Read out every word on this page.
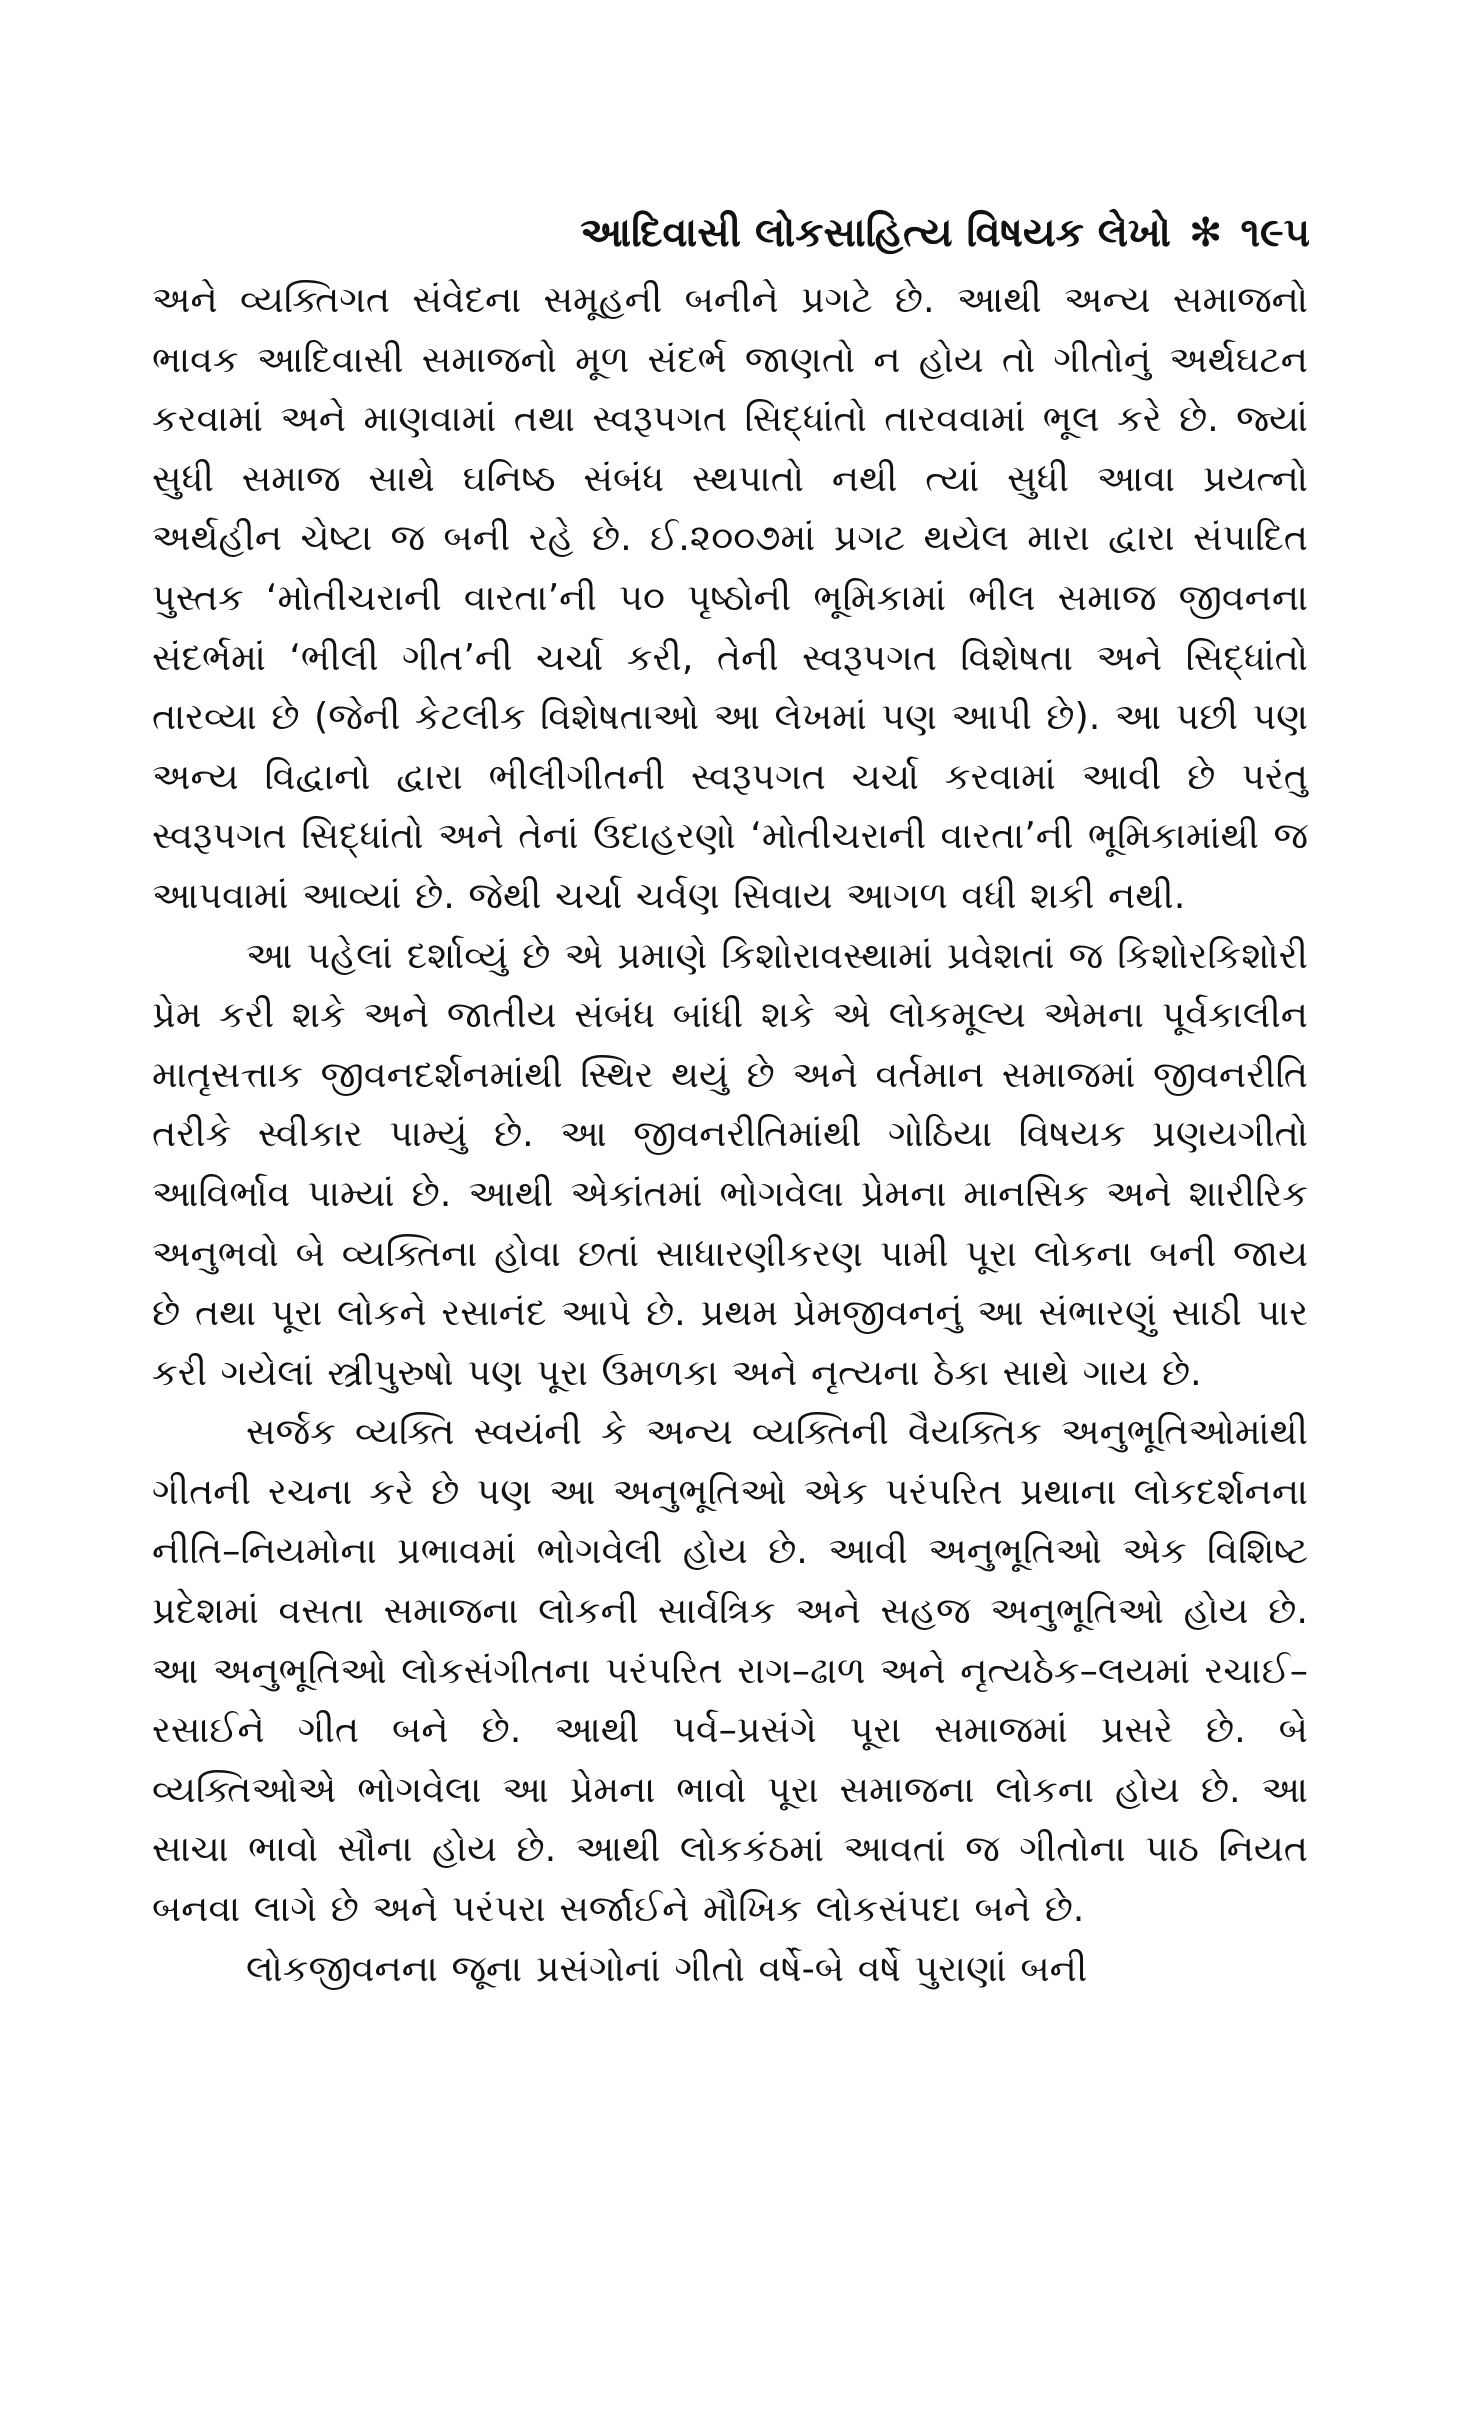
આદિવાસી લોકસાહિત્ય વિષયક લેખો ✻ ૧૯૫

અને વ્યક્તિગત સંવેદના સમૂહની બનીને પ્રગટે છે. આથી અન્ય સમાજનો ભાવક આદિવાસી સમાજનો મૂળ સંદર્ભ જાણતો ન હોય તો ગીતોનું અર્થઘટન કરવામાં અને માણવામાં તથા સ્વરૂપગત સિદ્ધાંતો તારવવામાં ભૂલ કરે છે. જ્યાં સુધી સમાજ સાથે ઘનિષ્ઠ સંબંધ સ્થપાતો નથી ત્યાં સુધી આવા પ્રયત્નો અર્થહીન ચેષ્ટા જ બની રહે છે. ઈ.૨૦૦૭માં પ્રગટ થયેલ મારા દ્વારા સંપાદિત પુસ્તક ‘મોતીચરાની વારતા’ની ૫૦ પૃષ્ઠોની ભૂમિકામાં ભીલ સમાજ જીવનના સંદર્ભમાં ‘ભીલી ગીત’ની ચર્ચા કરી, તેની સ્વરૂપગત વિશેષતા અને સિદ્ધાંતો તારવ્યા છે (જેની કેટલીક વિશેષતાઓ આ લેખમાં પણ આપી છે). આ પછી પણ અન્ય વિદ્વાનો દ્વારા ભીલીગીતની સ્વરૂપગત ચર્ચા કરવામાં આવી છે પરંતુ સ્વરૂપગત સિદ્ધાંતો અને તેનાં ઉદાહરણો ‘મોતીચરાની વારતા’ની ભૂમિકામાંથી જ આપવામાં આવ્યાં છે. જેથી ચર્ચા ચર્વણ સિવાય આગળ વધી શકી નથી.

આ પહેલાં દર્શાવ્યું છે એ પ્રમાણે કિશોરાવસ્થામાં પ્રવેશતાં જ કિશોરકિશોરી પ્રેમ કરી શકે અને જાતીય સંબંધ બાંધી શકે એ લોકમૂલ્ય એમના પૂર્વકાલીન માતૃસત્તાક જીવનદર્શનમાંથી સ્થિર થયું છે અને વર્તમાન સમાજમાં જીવનરીતિ તરીકે સ્વીકાર પામ્યું છે. આ જીવનરીતિમાંથી ગોઠિયા વિષયક પ્રણયગીતો આવિર્ભાવ પામ્યાં છે. આથી એકાંતમાં ભોગવેલા પ્રેમના માનસિક અને શારીરિક અનુભવો બે વ્યક્તિના હોવા છતાં સાધારણીકરણ પામી પૂરા લોકના બની જાય છે તથા પૂરા લોકને રસાનંદ આપે છે. પ્રથમ પ્રેમજીવનનું આ સંભારણું સાઠી પાર કરી ગયેલાં સ્ત્રીપુરુષો પણ પૂરા ઉમળકા અને નૃત્યના ઠેકા સાથે ગાય છે.

સર્જક વ્યક્તિ સ્વયંની કે અન્ય વ્યક્તિની વૈયક્તિક અનુભૂતિઓમાંથી ગીતની રચના કરે છે પણ આ અનુભૂતિઓ એક પરંપરિત પ્રથાના લોકદર્શનના નીતિ–નિયમોના પ્રભાવમાં ભોગવેલી હોય છે. આવી અનુભૂતિઓ એક વિશિષ્ટ પ્રદેશમાં વસતા સમાજના લોકની સાર્વત્રિક અને સહજ અનુભૂતિઓ હોય છે. આ અનુભૂતિઓ લોકસંગીતના પરંપરિત રાગ–ઢાળ અને નૃત્યઠેક–લયમાં રચાઈ–રસાઈને ગીત બને છે. આથી પર્વ–પ્રસંગે પૂરા સમાજમાં પ્રસરે છે. બે વ્યક્તિઓએ ભોગવેલા આ પ્રેમના ભાવો પૂરા સમાજના લોકના હોય છે. આ સાચા ભાવો સૌના હોય છે. આથી લોકકંઠમાં આવતાં જ ગીતોના પાઠ નિયત બનવા લાગે છે અને પરંપરા સર્જાઈને મૌખિક લોકસંપદા બને છે.

લોકજીવનના જૂના પ્રસંગોનાં ગીતો વર્ષે-બે વર્ષે પુરાણાં બની
